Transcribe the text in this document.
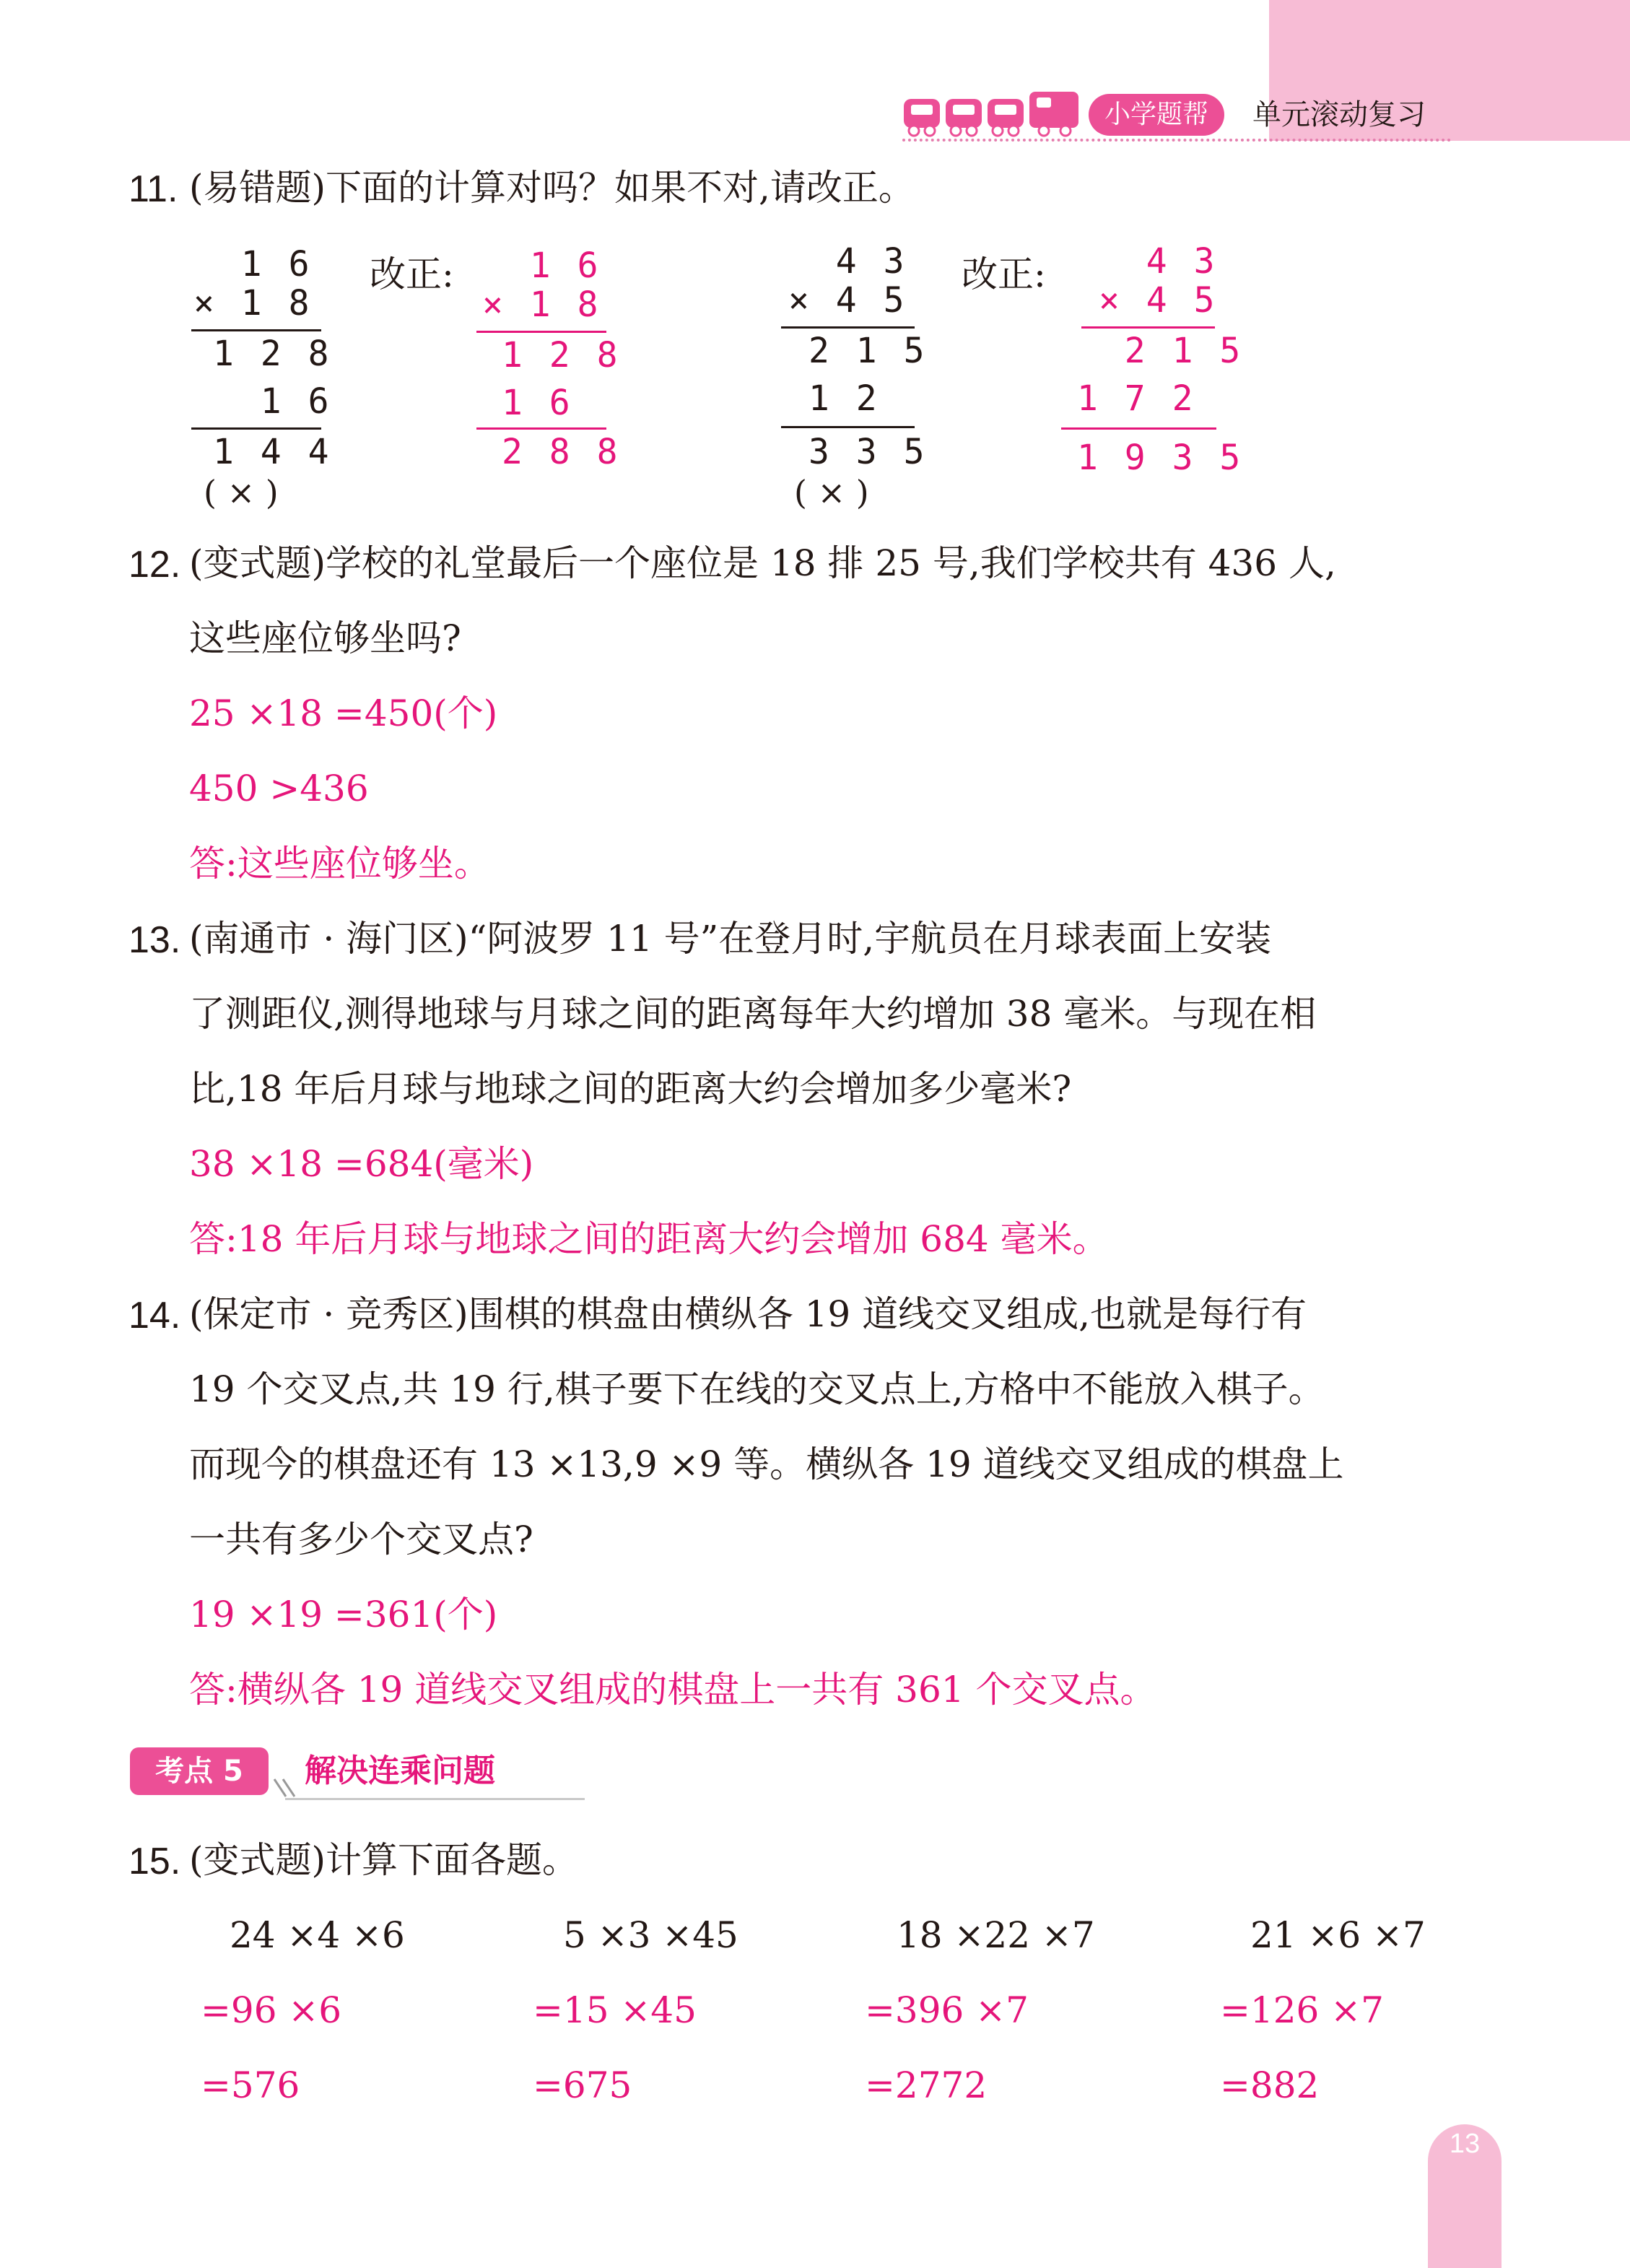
小学题帮	单元滚动复习
11. (易错题)下面的计算对吗？如果不对,请改正。
1 6
× 1 8
1 2 8
1 6
1 4 4
( × )
改正: 1 6
× 1 8
1 2 8
1 6
2 8 8
4 3
× 4 5
2 1 5
1 2
3 3 5
( × )
改正: 4 3
× 4 5
2 1 5
1 7 2
1 9 3 5
12. (变式题)学校的礼堂最后一个座位是 18 排 25 号,我们学校共有 436 人,
这些座位够坐吗?
25 ×18 =450(个)
450 >436
答:这些座位够坐。
13. (南通市 · 海门区)“阿波罗 11 号”在登月时,宇航员在月球表面上安装
了测距仪,测得地球与月球之间的距离每年大约增加 38 毫米。与现在相
比,18 年后月球与地球之间的距离大约会增加多少毫米?
38 ×18 =684(毫米)
答:18 年后月球与地球之间的距离大约会增加 684 毫米。
14. (保定市 · 竞秀区)围棋的棋盘由横纵各 19 道线交叉组成,也就是每行有
19 个交叉点,共 19 行,棋子要下在线的交叉点上,方格中不能放入棋子。
而现今的棋盘还有 13 ×13,9 ×9 等。横纵各 19 道线交叉组成的棋盘上
一共有多少个交叉点?
19 ×19 =361(个)
答:横纵各 19 道线交叉组成的棋盘上一共有 361 个交叉点。
考点 5	解决连乘问题
15. (变式题)计算下面各题。
24 ×4 ×6
=96 ×6
=576
5 ×3 ×45
=15 ×45
=675
18 ×22 ×7
=396 ×7
=2772
21 ×6 ×7
=126 ×7
=882
13
